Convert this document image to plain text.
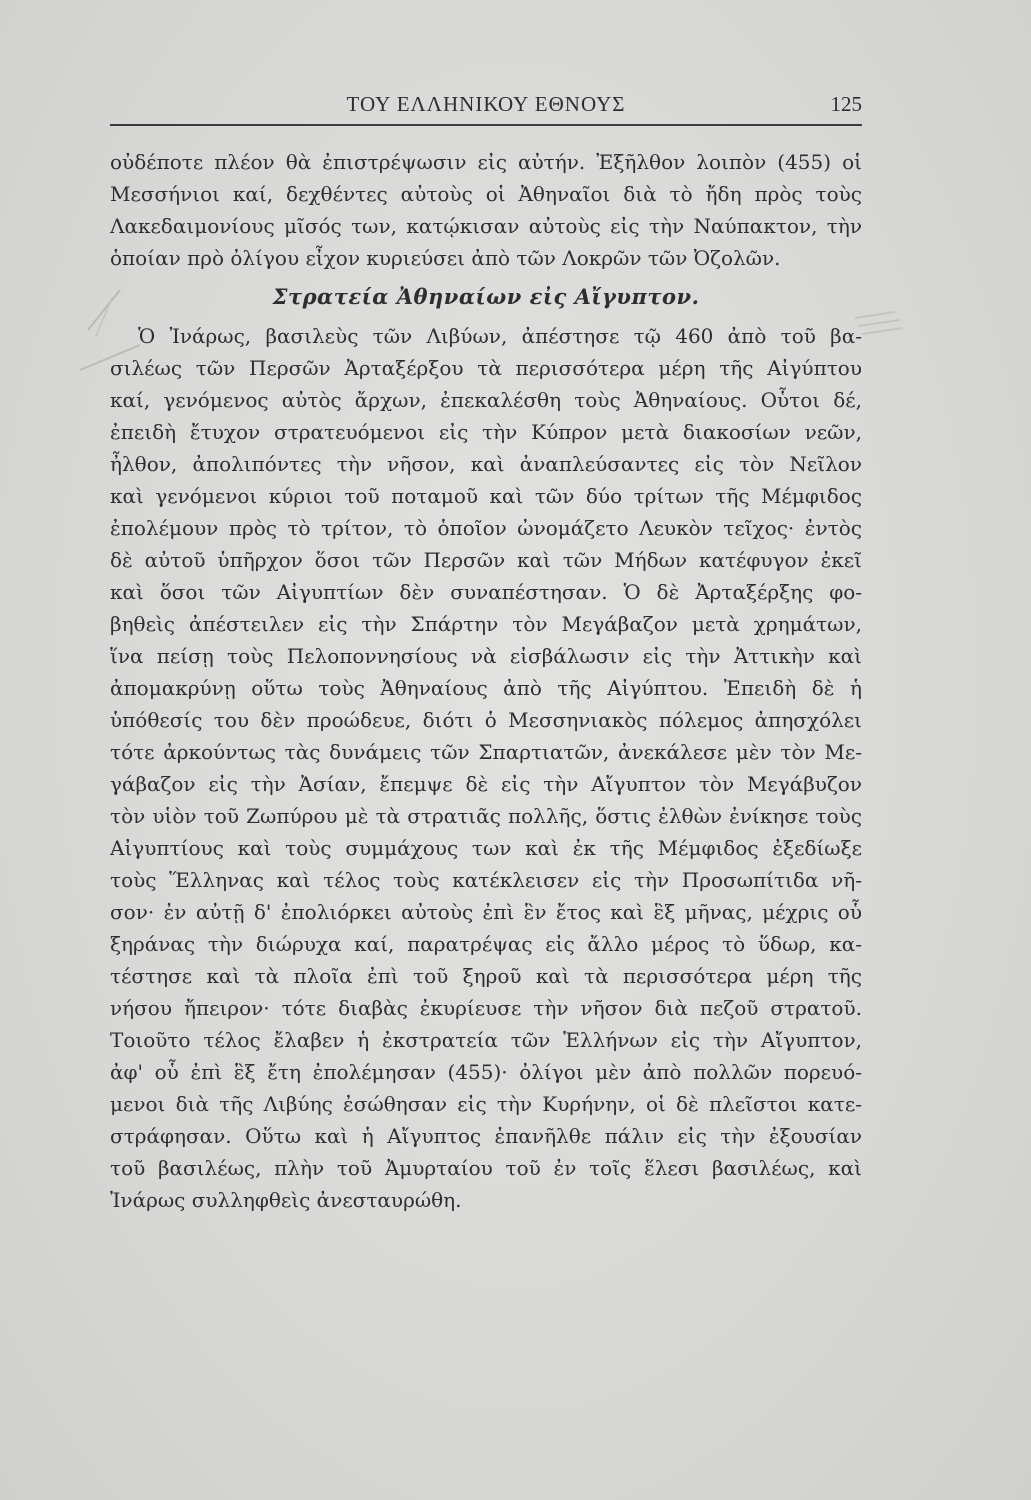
ΤΟΥ ΕΛΛΗΝΙΚΟΥ ΕΘΝΟΥΣ	125
οὐδέποτε πλέον θὰ ἐπιστρέψωσιν εἰς αὐτήν. Ἐξῆλθον λοιπὸν (455) οἱ
Μεσσήνιοι καί, δεχθέντες αὐτοὺς οἱ Ἀθηναῖοι διὰ τὸ ἤδη πρὸς τοὺς
Λακεδαιμονίους μῖσός των, κατῴκισαν αὐτοὺς εἰς τὴν Ναύπακτον, τὴν
ὁποίαν πρὸ ὀλίγου εἶχον κυριεύσει ἀπὸ τῶν Λοκρῶν τῶν Ὀζολῶν.
Στρατεία Ἀθηναίων εἰς Αἴγυπτον.
Ὁ Ἰνάρως, βασιλεὺς τῶν Λιβύων, ἀπέστησε τῷ 460 ἀπὸ τοῦ βα-
σιλέως τῶν Περσῶν Ἀρταξέρξου τὰ περισσότερα μέρη τῆς Αἰγύπτου
καί, γενόμενος αὐτὸς ἄρχων, ἐπεκαλέσθη τοὺς Ἀθηναίους. Οὗτοι δέ,
ἐπειδὴ ἔτυχον στρατευόμενοι εἰς τὴν Κύπρον μετὰ διακοσίων νεῶν,
ἦλθον, ἀπολιπόντες τὴν νῆσον, καὶ ἀναπλεύσαντες εἰς τὸν Νεῖλον
καὶ γενόμενοι κύριοι τοῦ ποταμοῦ καὶ τῶν δύο τρίτων τῆς Μέμφιδος
ἐπολέμουν πρὸς τὸ τρίτον, τὸ ὁποῖον ὠνομάζετο Λευκὸν τεῖχος· ἐντὸς
δὲ αὐτοῦ ὑπῆρχον ὅσοι τῶν Περσῶν καὶ τῶν Μήδων κατέφυγον ἐκεῖ
καὶ ὅσοι τῶν Αἰγυπτίων δὲν συναπέστησαν. Ὁ δὲ Ἀρταξέρξης φο-
βηθεὶς ἀπέστειλεν εἰς τὴν Σπάρτην τὸν Μεγάβαζον μετὰ χρημάτων,
ἵνα πείσῃ τοὺς Πελοποννησίους νὰ εἰσβάλωσιν εἰς τὴν Ἀττικὴν καὶ
ἀπομακρύνῃ οὕτω τοὺς Ἀθηναίους ἀπὸ τῆς Αἰγύπτου. Ἐπειδὴ δὲ ἡ
ὑπόθεσίς του δὲν προώδευε, διότι ὁ Μεσσηνιακὸς πόλεμος ἀπησχόλει
τότε ἀρκούντως τὰς δυνάμεις τῶν Σπαρτιατῶν, ἀνεκάλεσε μὲν τὸν Με-
γάβαζον εἰς τὴν Ἀσίαν, ἔπεμψε δὲ εἰς τὴν Αἴγυπτον τὸν Μεγάβυζον
τὸν υἱὸν τοῦ Ζωπύρου μὲ τὰ στρατιᾶς πολλῆς, ὅστις ἐλθὼν ἐνίκησε τοὺς
Αἰγυπτίους καὶ τοὺς συμμάχους των καὶ ἐκ τῆς Μέμφιδος ἐξεδίωξε
τοὺς Ἕλληνας καὶ τέλος τοὺς κατέκλεισεν εἰς τὴν Προσωπίτιδα νῆ-
σον· ἐν αὐτῇ δ' ἐπολιόρκει αὐτοὺς ἐπὶ ἓν ἔτος καὶ ἓξ μῆνας, μέχρις οὗ
ξηράνας τὴν διώρυχα καί, παρατρέψας εἰς ἄλλο μέρος τὸ ὕδωρ, κα-
τέστησε καὶ τὰ πλοῖα ἐπὶ τοῦ ξηροῦ καὶ τὰ περισσότερα μέρη τῆς
νήσου ἤπειρον· τότε διαβὰς ἐκυρίευσε τὴν νῆσον διὰ πεζοῦ στρατοῦ.
Τοιοῦτο τέλος ἔλαβεν ἡ ἐκστρατεία τῶν Ἑλλήνων εἰς τὴν Αἴγυπτον,
ἀφ' οὗ ἐπὶ ἓξ ἔτη ἐπολέμησαν (455)· ὀλίγοι μὲν ἀπὸ πολλῶν πορευό-
μενοι διὰ τῆς Λιβύης ἐσώθησαν εἰς τὴν Κυρήνην, οἱ δὲ πλεῖστοι κατε-
στράφησαν. Οὕτω καὶ ἡ Αἴγυπτος ἐπανῆλθε πάλιν εἰς τὴν ἐξουσίαν
τοῦ βασιλέως, πλὴν τοῦ Ἀμυρταίου τοῦ ἐν τοῖς ἕλεσι βασιλέως, καὶ
Ἰνάρως συλληφθεὶς ἀνεσταυρώθη.
